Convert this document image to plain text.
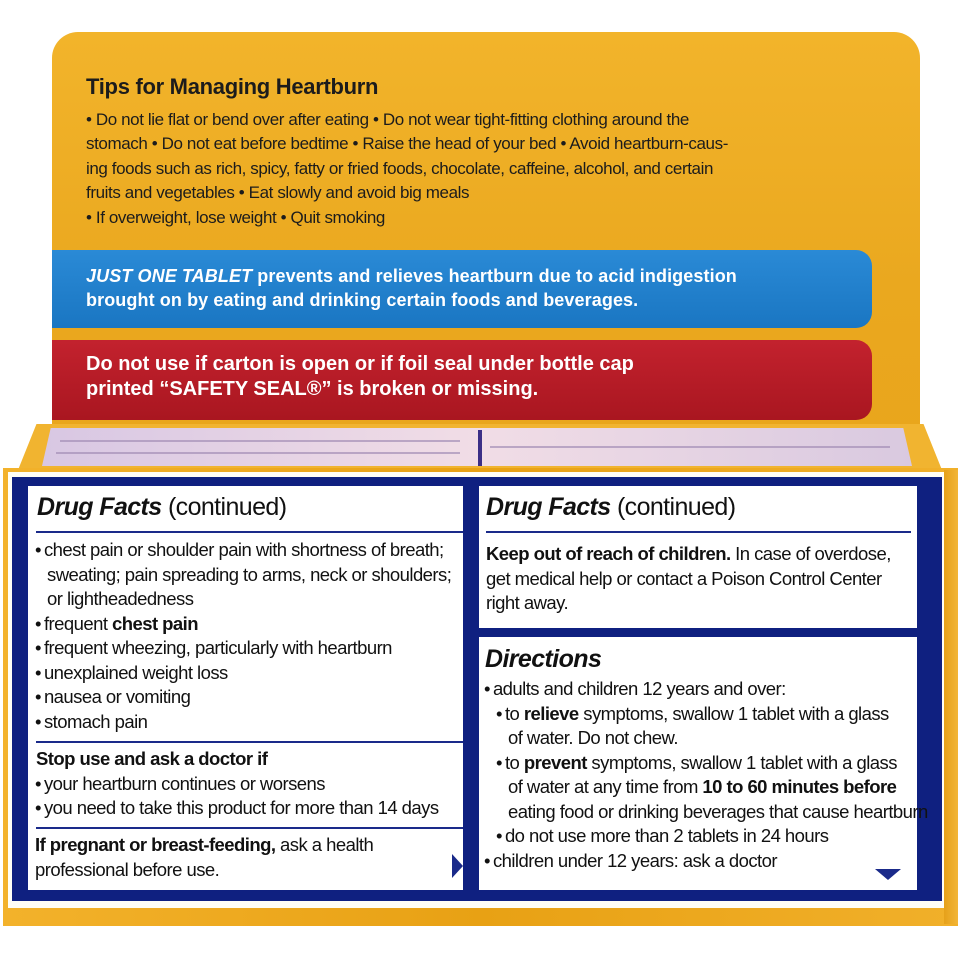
Tips for Managing Heartburn
• Do not lie flat or bend over after eating • Do not wear tight-fitting clothing around the
stomach • Do not eat before bedtime • Raise the head of your bed • Avoid heartburn-caus-
ing foods such as rich, spicy, fatty or fried foods, chocolate, caffeine, alcohol, and certain
fruits and vegetables • Eat slowly and avoid big meals
• If overweight, lose weight • Quit smoking
JUST ONE TABLET prevents and relieves heartburn due to acid indigestion
brought on by eating and drinking certain foods and beverages.
Do not use if carton is open or if foil seal under bottle cap
printed “SAFETY SEAL®” is broken or missing.
Drug Facts (continued)
• chest pain or shoulder pain with shortness of breath;
sweating; pain spreading to arms, neck or shoulders;
or lightheadedness
• frequent chest pain
• frequent wheezing, particularly with heartburn
• unexplained weight loss
• nausea or vomiting
• stomach pain
Stop use and ask a doctor if
• your heartburn continues or worsens
• you need to take this product for more than 14 days
If pregnant or breast-feeding, ask a health
professional before use.
Drug Facts (continued)
Keep out of reach of children. In case of overdose,
get medical help or contact a Poison Control Center
right away.
Directions
• adults and children 12 years and over:
• to relieve symptoms, swallow 1 tablet with a glass
of water. Do not chew.
• to prevent symptoms, swallow 1 tablet with a glass
of water at any time from 10 to 60 minutes before
eating food or drinking beverages that cause heartburn
• do not use more than 2 tablets in 24 hours
• children under 12 years: ask a doctor
